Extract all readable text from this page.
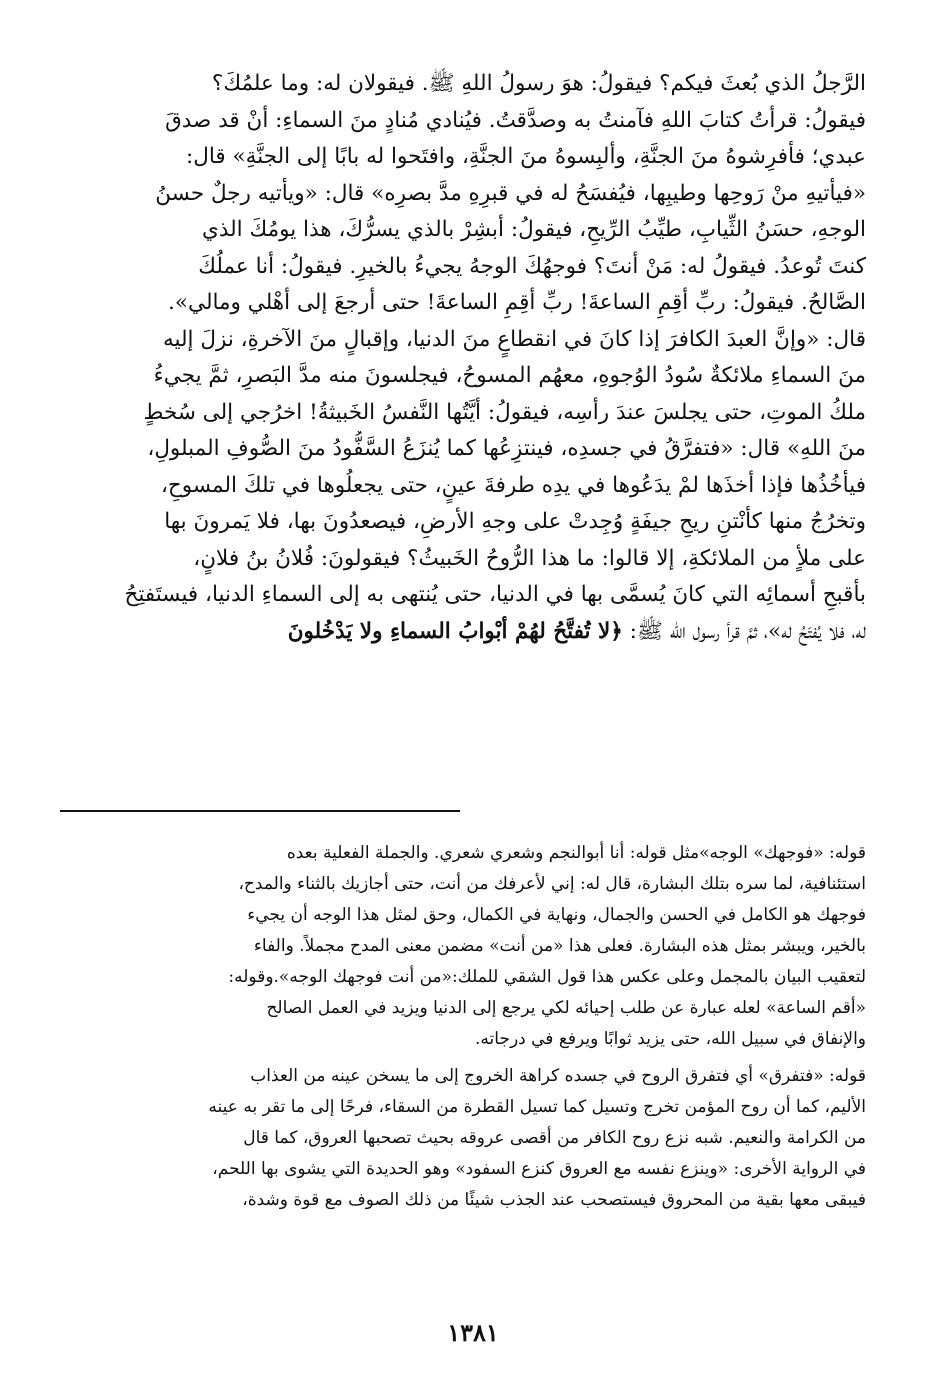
الرَّجلُ الذي بُعثَ فيكم؟ فيقولُ: هوَ رسولُ اللهِ ﷺ. فيقولان له: وما علمُكَ؟
فيقولُ: قرأتُ كتابَ اللهِ فآمنتُ به وصدَّقتُ. فيُنادي مُنادٍ منَ السماءِ: أنْ قد صدقَ
عبدي؛ فأفرِشوهُ منَ الجنَّةِ، وألبِسوهُ منَ الجنَّةِ، وافتَحوا له بابًا إلى الجنَّةِ» قال:
«فيأتيهِ منْ رَوحِها وطيبِها، فيُفسَحُ له في قبرِهِ مدَّ بصرِه» قال: «ويأتيه رجلٌ حسنُ
الوجهِ، حسَنُ الثِّيابِ، طيِّبُ الرِّيحِ، فيقولُ: أبشِرْ بالذي يسرُّكَ، هذا يومُكَ الذي
كنتَ تُوعدُ. فيقولُ له: مَنْ أنتَ؟ فوجهُكَ الوجهُ يجيءُ بالخيرِ. فيقولُ: أنا عملُكَ
الصَّالحُ. فيقولُ: ربِّ أقِمِ الساعةَ! ربِّ أقِمِ الساعةَ! حتى أرجعَ إلى أهْلي ومالي».
قال: «وإنَّ العبدَ الكافرَ إذا كانَ في انقطاعٍ منَ الدنيا، وإقبالٍ منَ الآخرةِ، نزلَ إليه
منَ السماءِ ملائكةٌ سُودُ الوُجوهِ، معهُم المسوحُ، فيجلسونَ منه مدَّ البَصرِ، ثمَّ يجيءُ
ملكُ الموتِ، حتى يجلسَ عندَ رأسِه، فيقولُ: أيَّتُها النَّفسُ الخَبيثةُ! اخرُجي إلى سُخطٍ
منَ اللهِ» قال: «فتفرَّقُ في جسدِه، فينتزِعُها كما يُنزَعُ السَّفُّودُ منَ الصُّوفِ المبلولِ،
فيأخُذُها فإذا أخذَها لمْ يدَعُوها في يدِه طرفةَ عينٍ، حتى يجعلُوها في تلكَ المسوحِ،
وتخرُجُ منها كأنْتنِ ريحِ جيفَةٍ وُجِدتْ على وجهِ الأرضِ، فيصعدُونَ بها، فلا يَمرونَ بها
على ملأٍ من الملائكةِ، إلا قالوا: ما هذا الرُّوحُ الخَبيثُ؟ فيقولونَ: فُلانُ بنُ فلانٍ،
بأقبحِ أسمائِه التي كانَ يُسمَّى بها في الدنيا، حتى يُنتهى به إلى السماءِ الدنيا، فيستَفتِحُ
له، فلا يُفتَحُ له»، ثمَّ قرأ رسول الله ﷺ: ﴿لا تُفتَّحُ لهُمْ أبْوابُ السماءِ ولا يَدْخُلونَ
قوله: «فوجهك» الوجه»مثل قوله: أنا أبوالنجم وشعري شعري. والجملة الفعلية بعده
استئنافية، لما سره بتلك البشارة، قال له: إني لأعرفك من أنت، حتى أجازيك بالثناء والمدح،
فوجهك هو الكامل في الحسن والجمال، ونهاية في الكمال، وحق لمثل هذا الوجه أن يجيء
بالخير، ويبشر بمثل هذه البشارة. فعلى هذا «من أنت» مضمن معنى المدح مجملاً. والفاء
لتعقيب البيان بالمجمل وعلى عكس هذا قول الشقي للملك:«من أنت فوجهك الوجه».وقوله:
«أقم الساعة» لعله عبارة عن طلب إحيائه لكي يرجع إلى الدنيا ويزيد في العمل الصالح
والإنفاق في سبيل الله، حتى يزيد ثوابًا ويرفع في درجاته.
قوله: «فتفرق» أي فتفرق الروح في جسده كراهة الخروج إلى ما يسخن عينه من العذاب
الأليم، كما أن روح المؤمن تخرج وتسيل كما تسيل القطرة من السقاء، فرحًا إلى ما تقر به عينه
من الكرامة والنعيم. شبه نزع روح الكافر من أقصى عروقه بحيث تصحبها العروق، كما قال
في الرواية الأخرى: «وينزع نفسه مع العروق كنزع السفود» وهو الحديدة التي يشوى بها اللحم،
فيبقى معها بقية من المحروق فيستصحب عند الجذب شيئًا من ذلك الصوف مع قوة وشدة،
١٣٨١
